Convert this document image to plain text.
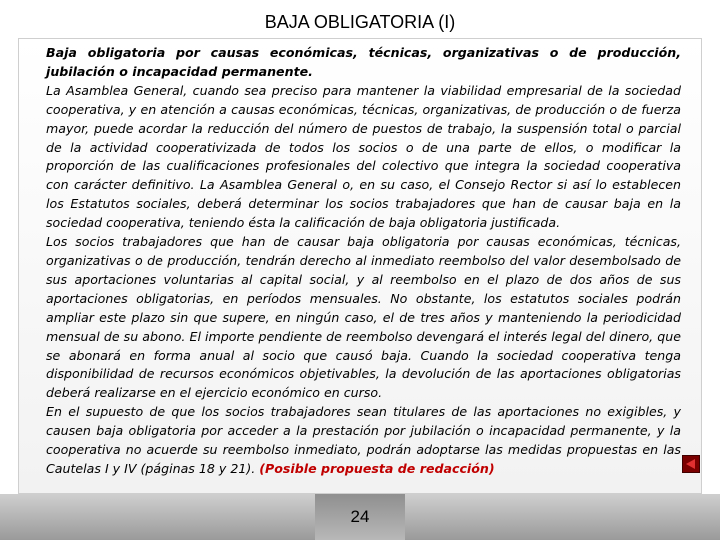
BAJA OBLIGATORIA (I)

Baja obligatoria por causas económicas, técnicas, organizativas o de producción, jubilación o incapacidad permanente.

La Asamblea General, cuando sea preciso para mantener la viabilidad empresarial de la sociedad cooperativa, y en atención a causas económicas, técnicas, organizativas, de producción o de fuerza mayor, puede acordar la reducción del número de puestos de trabajo, la suspensión total o parcial de la actividad cooperativizada de todos los socios o de una parte de ellos, o modificar la proporción de las cualificaciones profesionales del colectivo que integra la sociedad cooperativa con carácter definitivo. La Asamblea General o, en su caso, el Consejo Rector si así lo establecen los Estatutos sociales, deberá determinar los socios trabajadores que han de causar baja en la sociedad cooperativa, teniendo ésta la calificación de baja obligatoria justificada.

Los socios trabajadores que han de causar baja obligatoria por causas económicas, técnicas, organizativas o de producción, tendrán derecho al inmediato reembolso del valor desembolsado de sus aportaciones voluntarias al capital social, y al reembolso en el plazo de dos años de sus aportaciones obligatorias, en períodos mensuales. No obstante, los estatutos sociales podrán ampliar este plazo sin que supere, en ningún caso, el de tres años y manteniendo la periodicidad mensual de su abono. El importe pendiente de reembolso devengará el interés legal del dinero, que se abonará en forma anual al socio que causó baja. Cuando la sociedad cooperativa tenga disponibilidad de recursos económicos objetivables, la devolución de las aportaciones obligatorias deberá realizarse en el ejercicio económico en curso.

En el supuesto de que los socios trabajadores sean titulares de las aportaciones no exigibles, y causen baja obligatoria por acceder a la prestación por jubilación o incapacidad permanente, y la cooperativa no acuerde su reembolso inmediato, podrán adoptarse las medidas propuestas en las Cautelas I y IV (páginas 18 y 21). (Posible propuesta de redacción)

24
